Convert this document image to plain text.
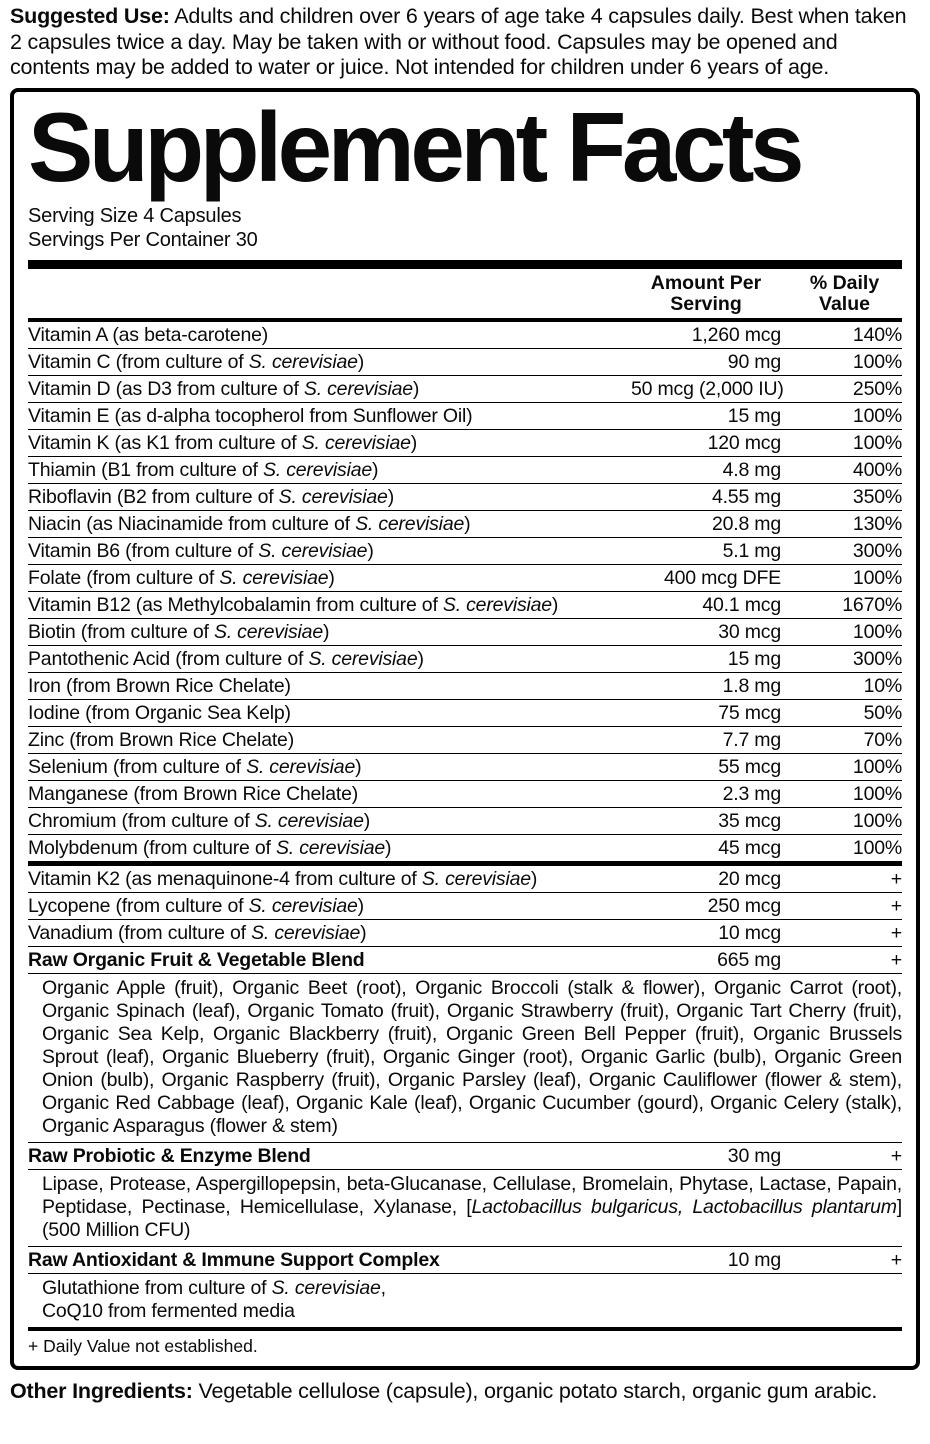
Suggested Use: Adults and children over 6 years of age take 4 capsules daily. Best when taken 2 capsules twice a day. May be taken with or without food. Capsules may be opened and contents may be added to water or juice. Not intended for children under 6 years of age.

Supplement Facts
Serving Size 4 Capsules
Servings Per Container 30
Amount Per
Serving
% Daily
Value
Vitamin A (as beta-carotene)	1,260 mcg	140%
Vitamin C (from culture of S. cerevisiae)	90 mg	100%
Vitamin D (as D3 from culture of S. cerevisiae)	50 mcg (2,000 IU)	250%
Vitamin E (as d-alpha tocopherol from Sunflower Oil)	15 mg	100%
Vitamin K (as K1 from culture of S. cerevisiae)	120 mcg	100%
Thiamin (B1 from culture of S. cerevisiae)	4.8 mg	400%
Riboflavin (B2 from culture of S. cerevisiae)	4.55 mg	350%
Niacin (as Niacinamide from culture of S. cerevisiae)	20.8 mg	130%
Vitamin B6 (from culture of S. cerevisiae)	5.1 mg	300%
Folate (from culture of S. cerevisiae)	400 mcg DFE	100%
Vitamin B12 (as Methylcobalamin from culture of S. cerevisiae)	40.1 mcg	1670%
Biotin (from culture of S. cerevisiae)	30 mcg	100%
Pantothenic Acid (from culture of S. cerevisiae)	15 mg	300%
Iron (from Brown Rice Chelate)	1.8 mg	10%
Iodine (from Organic Sea Kelp)	75 mcg	50%
Zinc (from Brown Rice Chelate)	7.7 mg	70%
Selenium (from culture of S. cerevisiae)	55 mcg	100%
Manganese (from Brown Rice Chelate)	2.3 mg	100%
Chromium (from culture of S. cerevisiae)	35 mcg	100%
Molybdenum (from culture of S. cerevisiae)	45 mcg	100%
Vitamin K2 (as menaquinone-4 from culture of S. cerevisiae)	20 mcg	+
Lycopene (from culture of S. cerevisiae)	250 mcg	+
Vanadium (from culture of S. cerevisiae)	10 mcg	+
Raw Organic Fruit & Vegetable Blend	665 mg	+
Organic Apple (fruit), Organic Beet (root), Organic Broccoli (stalk & flower), Organic Carrot (root), Organic Spinach (leaf), Organic Tomato (fruit), Organic Strawberry (fruit), Organic Tart Cherry (fruit), Organic Sea Kelp, Organic Blackberry (fruit), Organic Green Bell Pepper (fruit), Organic Brussels Sprout (leaf), Organic Blueberry (fruit), Organic Ginger (root), Organic Garlic (bulb), Organic Green Onion (bulb), Organic Raspberry (fruit), Organic Parsley (leaf), Organic Cauliflower (flower & stem), Organic Red Cabbage (leaf), Organic Kale (leaf), Organic Cucumber (gourd), Organic Celery (stalk), Organic Asparagus (flower & stem)
Raw Probiotic & Enzyme Blend	30 mg	+
Lipase, Protease, Aspergillopepsin, beta-Glucanase, Cellulase, Bromelain, Phytase, Lactase, Papain, Peptidase, Pectinase, Hemicellulase, Xylanase, [Lactobacillus bulgaricus, Lactobacillus plantarum] (500 Million CFU)
Raw Antioxidant & Immune Support Complex	10 mg	+
Glutathione from culture of S. cerevisiae,
CoQ10 from fermented media
+ Daily Value not established.

Other Ingredients: Vegetable cellulose (capsule), organic potato starch, organic gum arabic.
